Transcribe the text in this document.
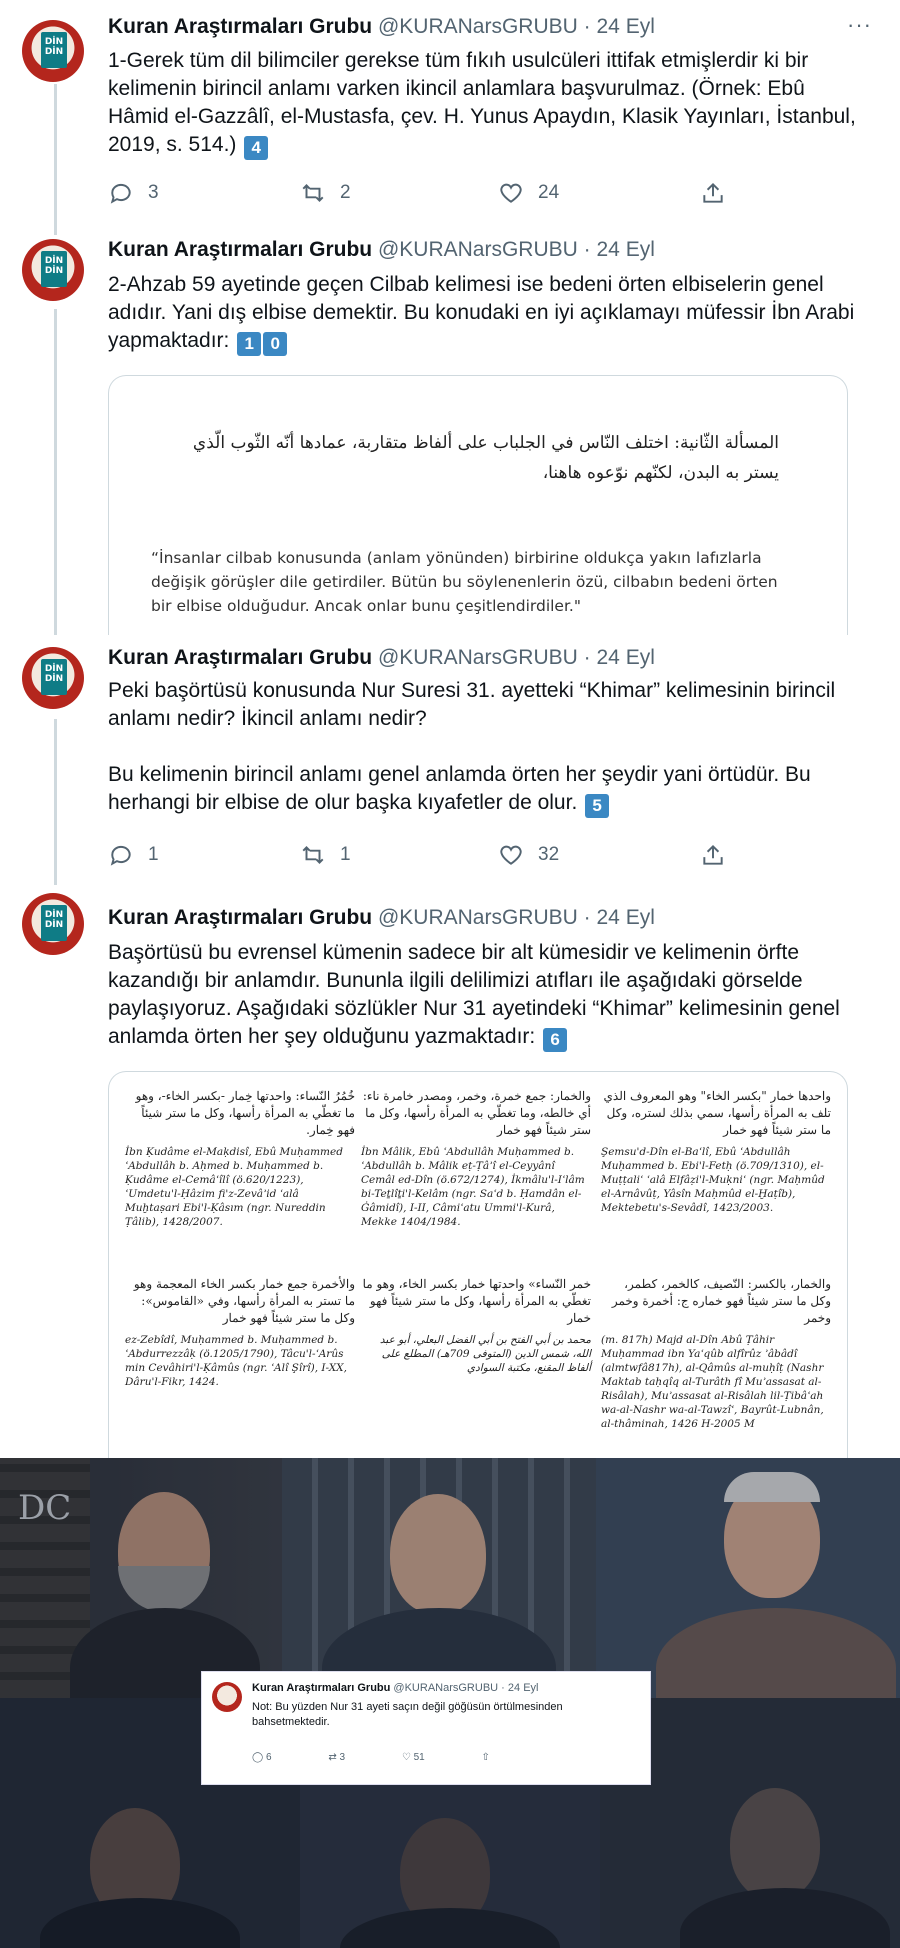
DİN
DİN
Kuran Araştırmaları Grubu @KURANarsGRUBU · 24 Eyl	···
1-Gerek tüm dil bilimciler gerekse tüm fıkıh usulcüleri ittifak etmişlerdir ki bir kelimenin birincil anlamı varken ikincil anlamlara başvurulmaz. (Örnek: Ebû Hâmid el-Gazzâlî, el-Mustasfa, çev. H. Yunus Apaydın, Klasik Yayınları, İstanbul, 2019, s. 514.) 4
3	2	24
DİN
DİN
Kuran Araştırmaları Grubu @KURANarsGRUBU · 24 Eyl
2-Ahzab 59 ayetinde geçen Cilbab kelimesi ise bedeni örten elbiselerin genel adıdır. Yani dış elbise demektir. Bu konudaki en iyi açıklamayı müfessir İbn Arabi yapmaktadır: 1 0
المسألة الثّانية: اختلف النّاس في الجلباب على ألفاظ متقاربة، عمادها أنّه الثّوب الّذي يستر به البدن، لكنّهم نوّعوه هاهنا،
“İnsanlar cilbab konusunda (anlam yönünden) birbirine oldukça yakın lafızlarla değişik görüşler dile getirdiler. Bütün bu söylenenlerin özü, cilbabın bedeni örten bir elbise olduğudur. Ancak onlar bunu çeşitlendirdiler."
DİN
DİN
Kuran Araştırmaları Grubu @KURANarsGRUBU · 24 Eyl

Peki başörtüsü konusunda Nur Suresi 31. ayetteki “Khimar” kelimesinin birincil anlamı nedir? İkincil anlamı nedir?

Bu kelimenin birincil anlamı genel anlamda örten her şeydir yani örtüdür. Bu herhangi bir elbise de olur başka kıyafetler de olur. 5

1	1	32
DİN
DİN Kuran Araştırmaları Grubu @KURANarsGRUBU · 24 Eyl
Başörtüsü bu evrensel kümenin sadece bir alt kümesidir ve kelimenin örfte kazandığı bir anlamdır. Bununla ilgili delilimizi atıfları ile aşağıdaki görselde paylaşıyoruz. Aşağıdaki sözlükler Nur 31 ayetindeki “Khimar” kelimesinin genel anlamda örten her şey olduğunu yazmaktadır: 6
خُمُرُ النّساء: واحدتها خِمار -بكسر الخاء-، وهو ما تغطّي به المرأة رأسها، وكل ما ستر شيئاً فهو خِمار.
İbn Ḳudâme el-Maḳdisî, Ebû Muḥammed ʿAbdullâh b. Aḥmed b. Muḥammed b. Ḳudâme el-Cemâʿîlî (ö.620/1223), ʿUmdetu'l-Ḥâzim fi'z-Zevâʾid ʿalâ Muḫtaṣari Ebi'l-Ḳâsım (ngr. Nureddin Ṭâlib), 1428/2007.
والخمار: جمع خمرة، وخمر، ومصدر خامرة ناء: أي خالطه، وما تغطّي به المرأة رأسها، وكل ما ستر شيئاً فهو خمار
İbn Mâlik, Ebû ʿAbdullâh Muḥammed b. ʿAbdullâh b. Mâlik eṭ-Ṭâʾî el-Ceyyânî Cemâl ed-Dîn (ö.672/1274), İkmâlu'l-Iʿlâm bi-Teṯlîṯi'l-Kelâm (ngr. Saʿd b. Ḥamdân el-Ġâmidî), I-II, Câmiʿatu Ummi'l-Kurâ, Mekke 1404/1984.
واحدها خمار "بكسر الخاء" وهو المعروف الذي تلف به المرأة رأسها، سمي بذلك لستره، وكل ما ستر شيئاً فهو خمار
Şemsu'd-Dîn el-Baʿlî, Ebû ʿAbdullâh Muḥammed b. Ebi'l-Fetḥ (ö.709/1310), el-Muṭṭaliʿ ʿalâ Elfâẓi'l-Muḳniʿ (ngr. Maḥmûd el-Arnâvûṭ, Yâsîn Maḥmûd el-Ḫaṭîb), Mektebetu's-Sevâdî, 1423/2003.
والأخمرة جمع خمار بكسر الخاء المعجمة وهو ما تستر به المرأة رأسها، وفي «القاموس»: وكل ما ستر شيئاً فهو خمار
ez-Zebîdî, Muḥammed b. Muḥammed b. ʿAbdurrezzâḳ (ö.1205/1790), Tâcu'l-ʿArûs min Cevâhiri'l-Ḳâmûs (ngr. ʿAlî Şîrî), I-XX, Dâru'l-Fikr, 1424.
خمر النّساء» واحدتها خمار بكسر الخاء، وهو ما تغطّي به المرأة رأسها، وكل ما ستر شيئاً فهو خمار
محمد بن أبي الفتح بن أبي الفضل البعلي، أبو عبد الله، شمس الدين (المتوفى 709هـ) المطلع على ألفاظ المقنع، مكتبة السوادي
والخمار، بالكسر: النّصيف، كالخمر، كطمر، وكل ما ستر شيئاً فهو خماره ج: أخمرة وخمر وخمر
(m. 817h) Majd al-Dîn Abû Ṭâhir Muḥammad ibn Yaʿqûb alfîrûz ʾâbâdî (almtwfâ817h), al-Qâmûs al-muḥîṭ (Nashr Maktab taḥqîq al-Turâth fî Muʾassasat al-Risâlah), Muʾassasat al-Risâlah lil-Ṭibâʿah wa-al-Nashr wa-al-Tawzîʿ, Bayrût-Lubnân, al-thâminah, 1426 H-2005 M
DC
Kuran Araştırmaları Grubu @KURANarsGRUBU · 24 Eyl
Not: Bu yüzden Nur 31 ayeti saçın değil göğüsün örtülmesinden bahsetmektedir.
◯ 6	⇄ 3	♡ 51	⇧
